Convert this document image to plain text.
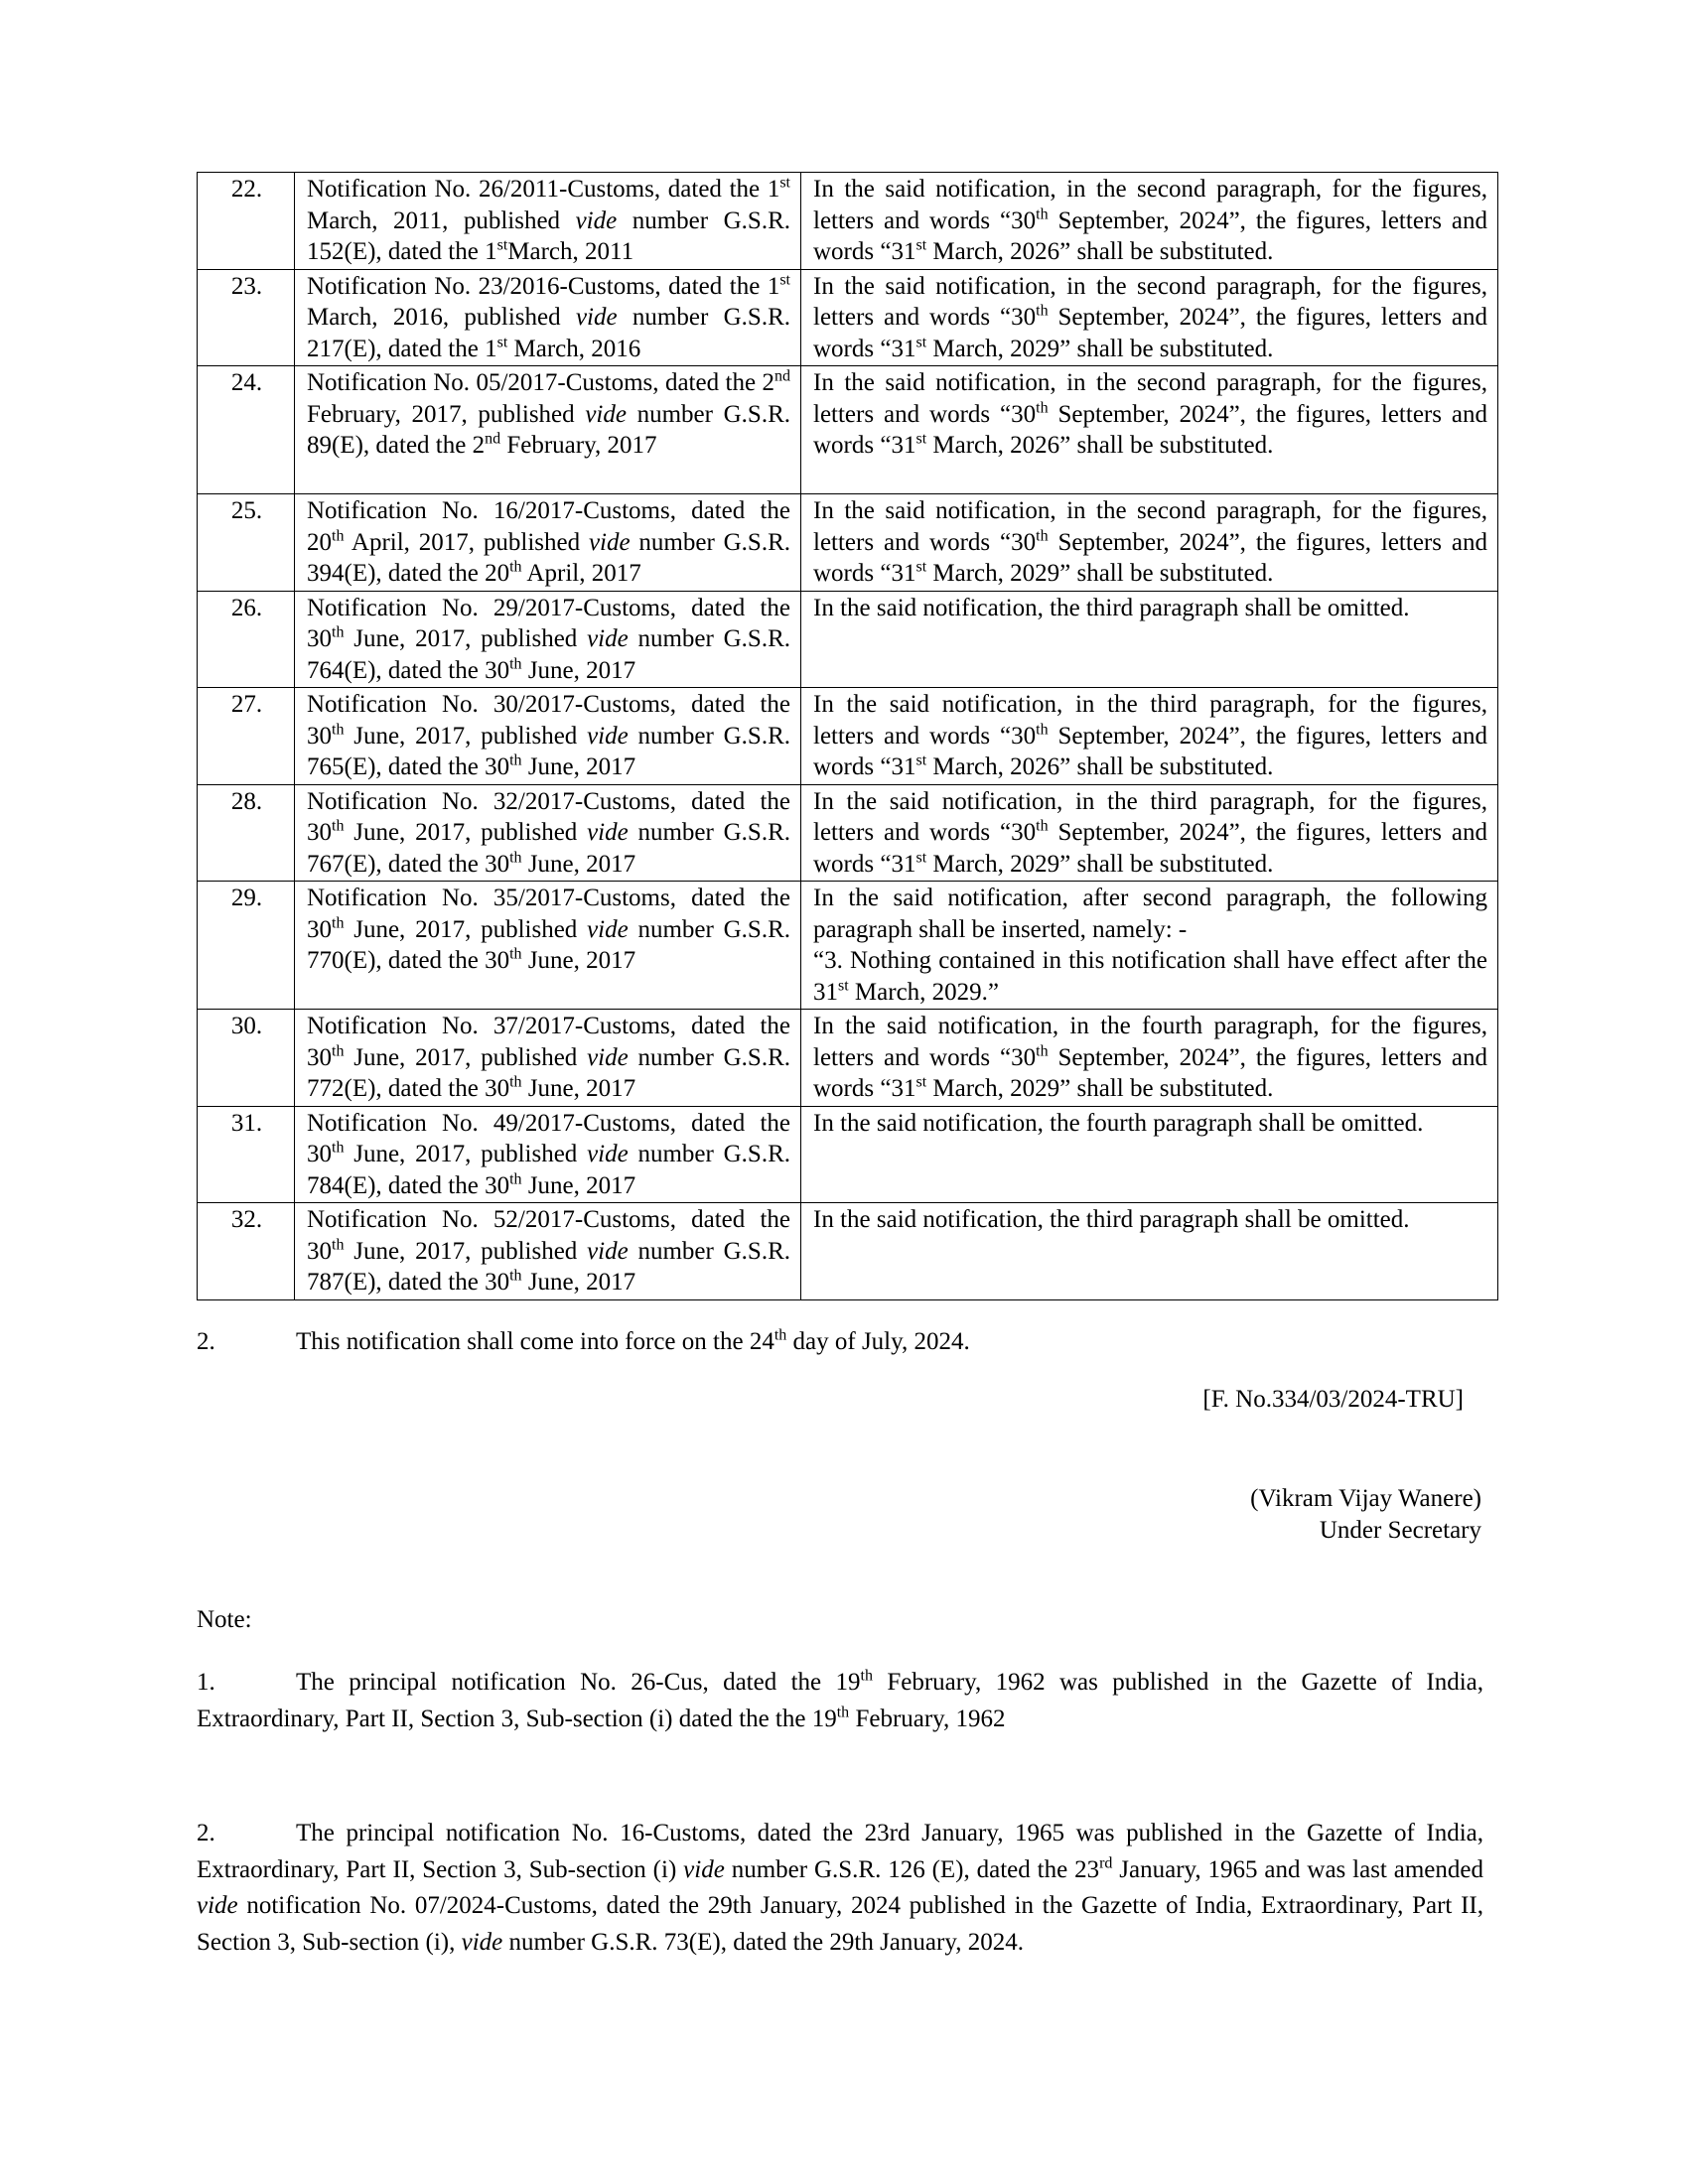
22.	Notification No. 26/2011-Customs, dated the 1st March, 2011, published vide number G.S.R. 152(E), dated the 1stMarch, 2011	In the said notification, in the second paragraph, for the figures, letters and words “30th September, 2024”, the figures, letters and words “31st March, 2026” shall be substituted.
23.	Notification No. 23/2016-Customs, dated the 1st March, 2016, published vide number G.S.R. 217(E), dated the 1st March, 2016	In the said notification, in the second paragraph, for the figures, letters and words “30th September, 2024”, the figures, letters and words “31st March, 2029” shall be substituted.
24.	Notification No. 05/2017-Customs, dated the 2nd February, 2017, published vide number G.S.R. 89(E), dated the 2nd February, 2017	In the said notification, in the second paragraph, for the figures, letters and words “30th September, 2024”, the figures, letters and words “31st March, 2026” shall be substituted.
25.	Notification No. 16/2017-Customs, dated the 20th April, 2017, published vide number G.S.R. 394(E), dated the 20th April, 2017	In the said notification, in the second paragraph, for the figures, letters and words “30th September, 2024”, the figures, letters and words “31st March, 2029” shall be substituted.
26.	Notification No. 29/2017-Customs, dated the 30th June, 2017, published vide number G.S.R. 764(E), dated the 30th June, 2017	In the said notification, the third paragraph shall be omitted.
27.	Notification No. 30/2017-Customs, dated the 30th June, 2017, published vide number G.S.R. 765(E), dated the 30th June, 2017	In the said notification, in the third paragraph, for the figures, letters and words “30th September, 2024”, the figures, letters and words “31st March, 2026” shall be substituted.
28.	Notification No. 32/2017-Customs, dated the 30th June, 2017, published vide number G.S.R. 767(E), dated the 30th June, 2017	In the said notification, in the third paragraph, for the figures, letters and words “30th September, 2024”, the figures, letters and words “31st March, 2029” shall be substituted.
29.	Notification No. 35/2017-Customs, dated the 30th June, 2017, published vide number G.S.R. 770(E), dated the 30th June, 2017	In the said notification, after second paragraph, the following paragraph shall be inserted, namely: -
“3. Nothing contained in this notification shall have effect after the 31st March, 2029.”
30.	Notification No. 37/2017-Customs, dated the 30th June, 2017, published vide number G.S.R. 772(E), dated the 30th June, 2017	In the said notification, in the fourth paragraph, for the figures, letters and words “30th September, 2024”, the figures, letters and words “31st March, 2029” shall be substituted.
31.	Notification No. 49/2017-Customs, dated the 30th June, 2017, published vide number G.S.R. 784(E), dated the 30th June, 2017	In the said notification, the fourth paragraph shall be omitted.
32.	Notification No. 52/2017-Customs, dated the 30th June, 2017, published vide number G.S.R. 787(E), dated the 30th June, 2017	In the said notification, the third paragraph shall be omitted.
2.	This notification shall come into force on the 24th day of July, 2024.
[F. No.334/03/2024-TRU]
(Vikram Vijay Wanere)
Under Secretary
Note:
1.	The principal notification No. 26-Cus, dated the 19th February, 1962 was published in the Gazette of India, Extraordinary, Part II, Section 3, Sub-section (i) dated the the 19th February, 1962
2.	The principal notification No. 16-Customs, dated the 23rd January, 1965 was published in the Gazette of India, Extraordinary, Part II, Section 3, Sub-section (i) vide number G.S.R. 126 (E), dated the 23rd January, 1965 and was last amended vide notification No. 07/2024-Customs, dated the 29th January, 2024 published in the Gazette of India, Extraordinary, Part II, Section 3, Sub-section (i), vide number G.S.R. 73(E), dated the 29th January, 2024.
